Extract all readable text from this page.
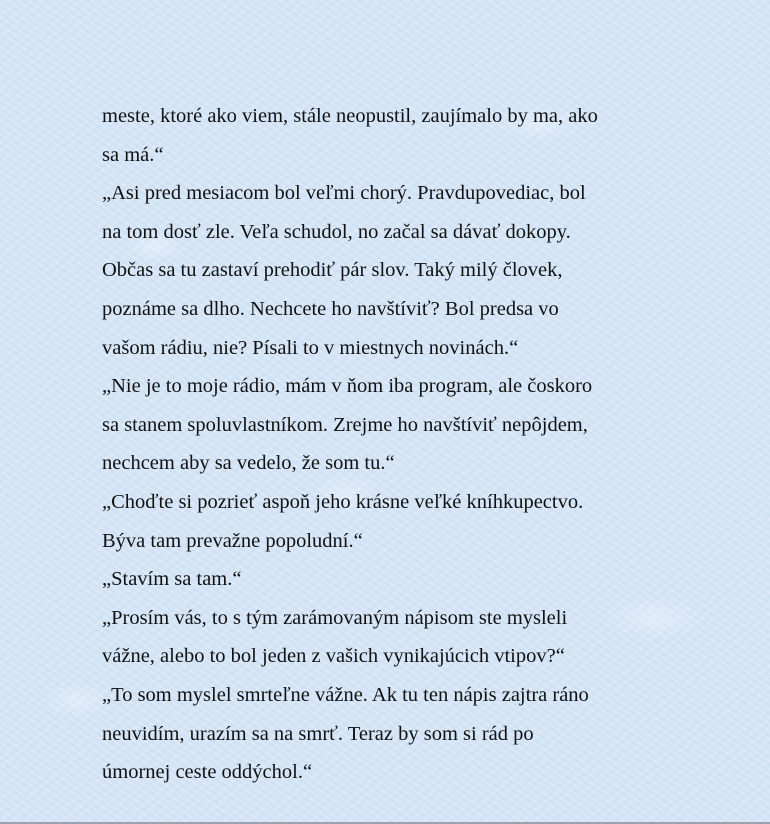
meste, ktoré ako viem, stále neopustil, zaujímalo by ma, ako
sa má.“
„Asi pred mesiacom bol veľmi chorý. Pravdupovediac, bol
na tom dosť zle. Veľa schudol, no začal sa dávať dokopy.
Občas sa tu zastaví prehodiť pár slov. Taký milý človek,
poznáme sa dlho. Nechcete ho navštíviť? Bol predsa vo
vašom rádiu, nie? Písali to v miestnych novinách.“
„Nie je to moje rádio, mám v ňom iba program, ale čoskoro
sa stanem spoluvlastníkom. Zrejme ho navštíviť nepôjdem,
nechcem aby sa vedelo, že som tu.“
„Choďte si pozrieť aspoň jeho krásne veľké kníhkupectvo.
Býva tam prevažne popoludní.“
„Stavím sa tam.“
„Prosím vás, to s tým zarámovaným nápisom ste mysleli
vážne, alebo to bol jeden z vašich vynikajúcich vtipov?“
„To som myslel smrteľne vážne. Ak tu ten nápis zajtra ráno
neuvidím, urazím sa na smrť. Teraz by som si rád po
úmornej ceste oddýchol.“
